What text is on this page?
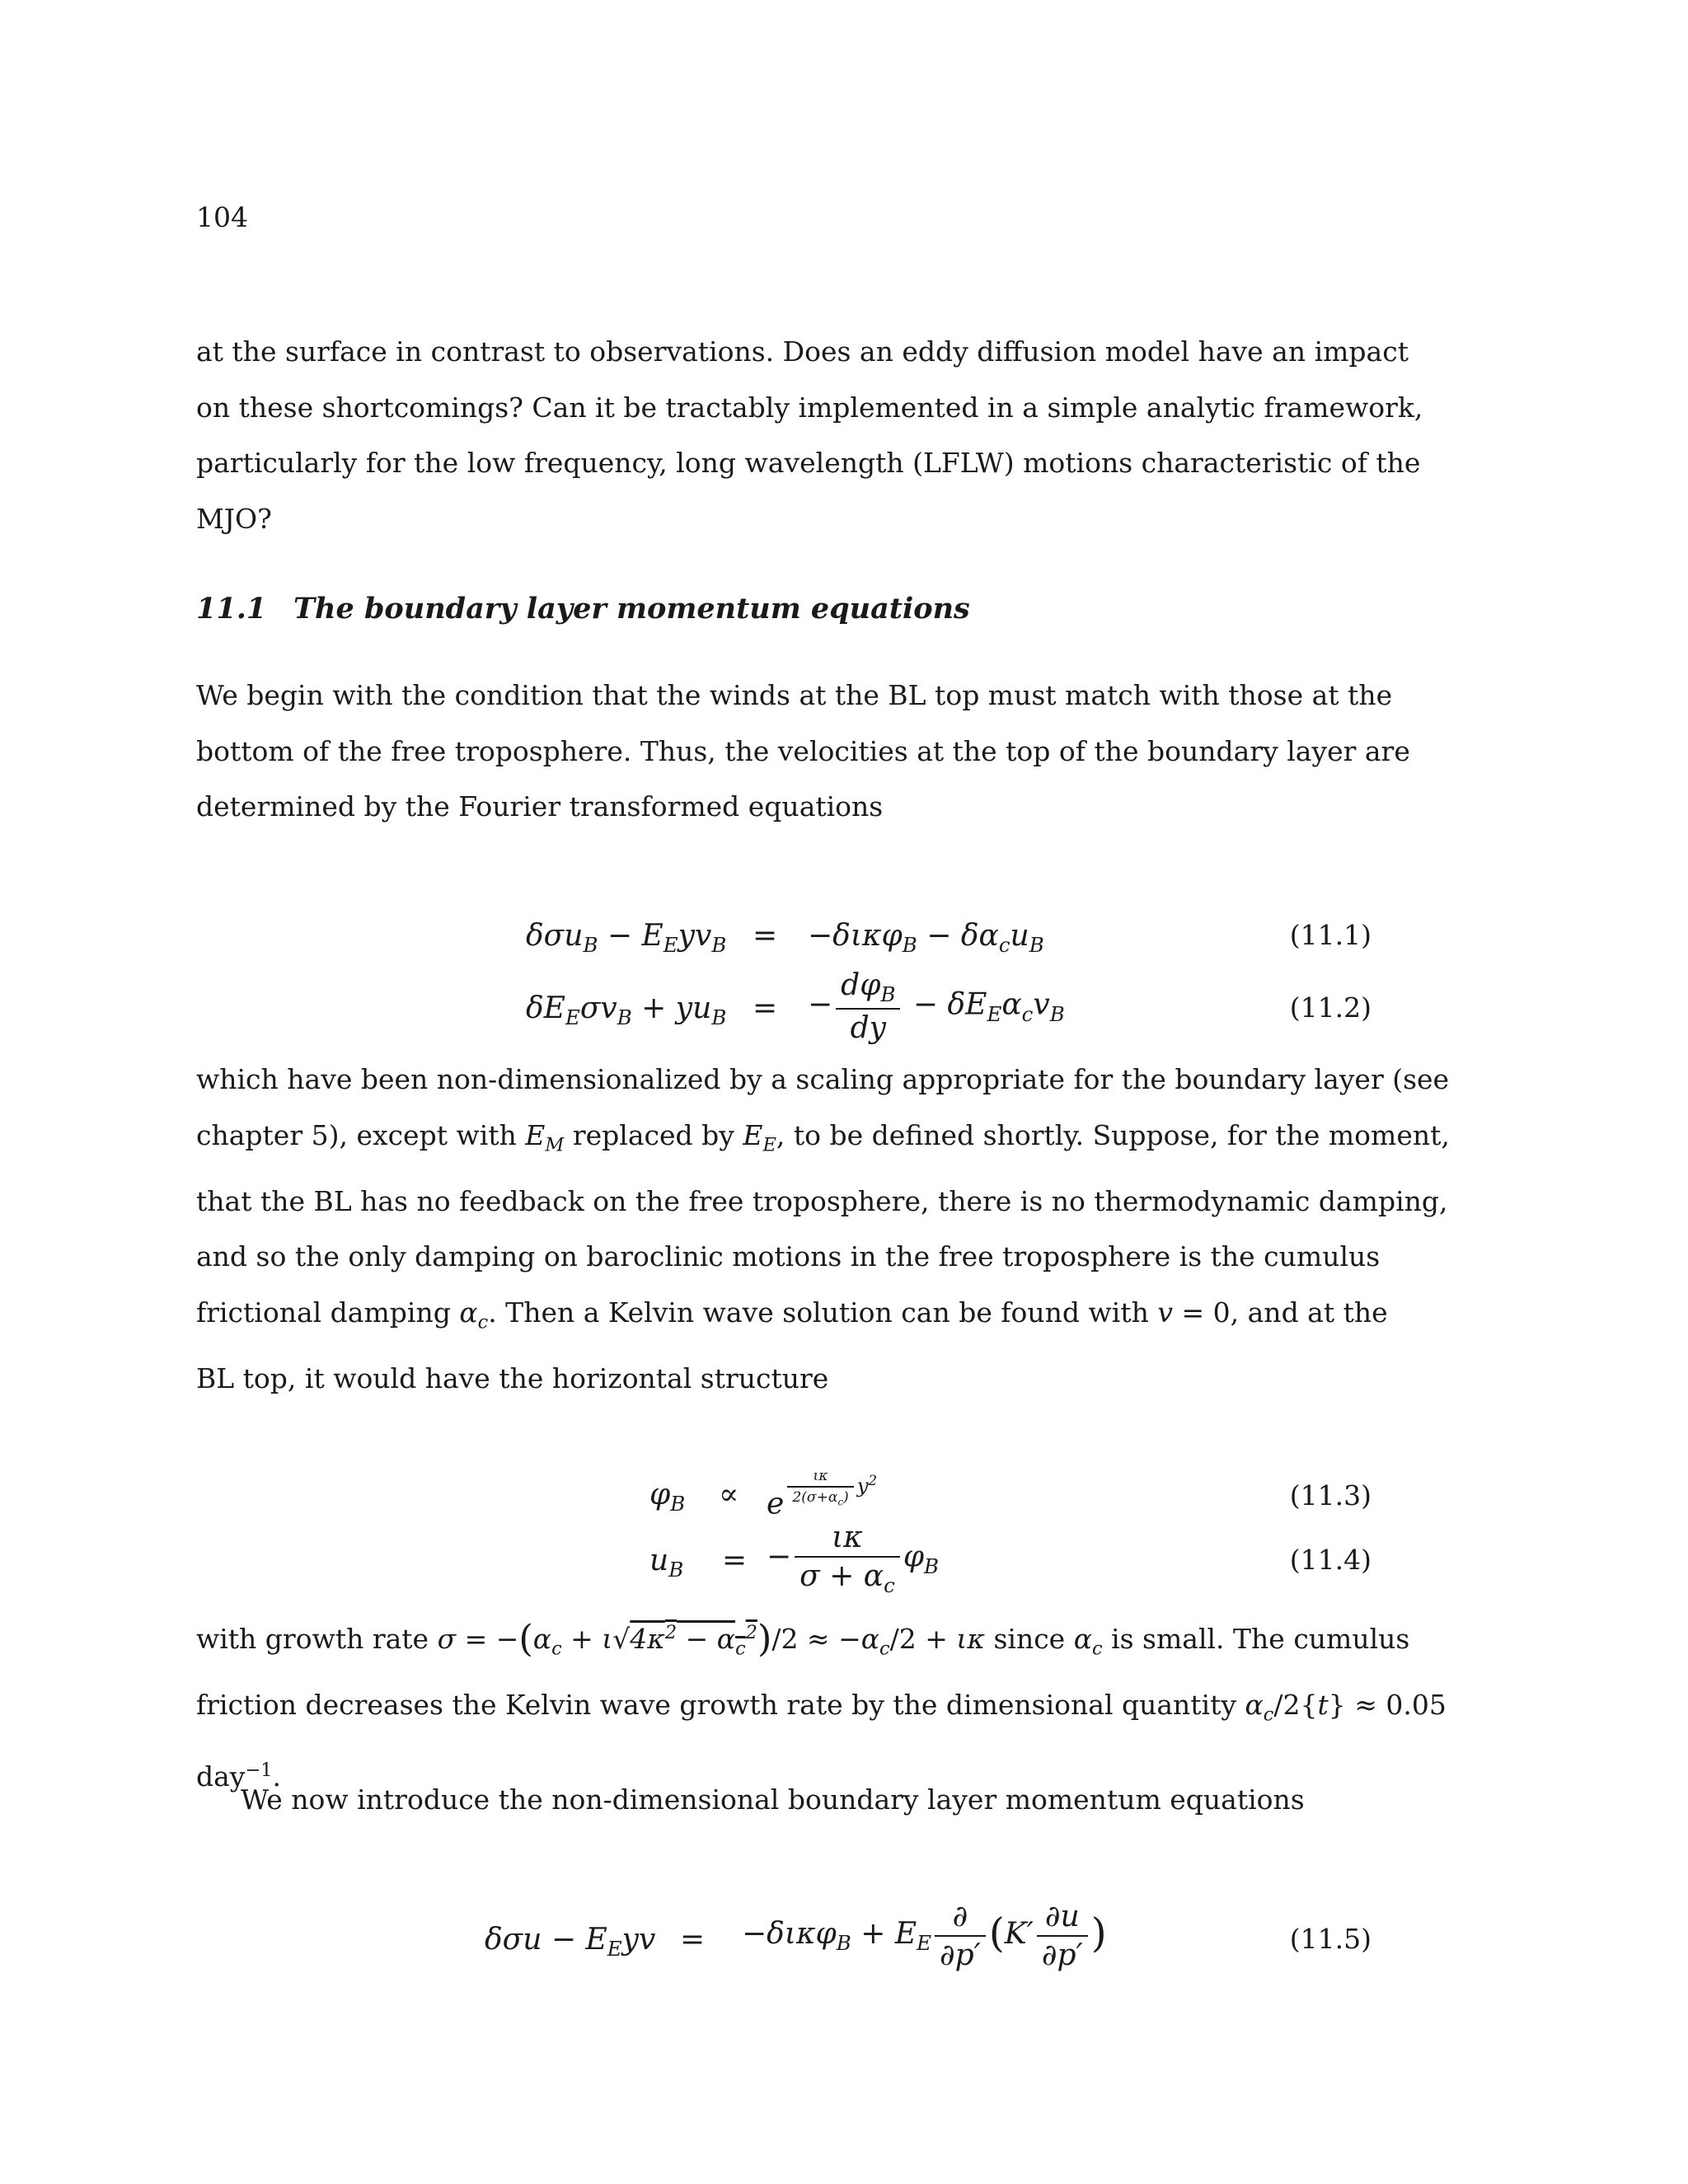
104
at the surface in contrast to observations. Does an eddy diffusion model have an impact
on these shortcomings? Can it be tractably implemented in a simple analytic framework,
particularly for the low frequency, long wavelength (LFLW) motions characteristic of the
MJO?
11.1 The boundary layer momentum equations
We begin with the condition that the winds at the BL top must match with those at the
bottom of the free troposphere. Thus, the velocities at the top of the boundary layer are
determined by the Fourier transformed equations
$\delta\sigma u_B - E_Eyv_B = -\delta\iota\kappa\varphi_B - \delta\alpha_cu_B$	(11.1)
$\delta E_E\sigma v_B + yu_B$ = − $\frac{d\varphi_B}{dy} - \delta E_E\alpha_cv_B$	(11.2)
which have been non-dimensionalized by a scaling appropriate for the boundary layer (see
chapter 5), except with $E_M$ replaced by $E_E$, to be defined shortly. Suppose, for the moment,
that the BL has no feedback on the free troposphere, there is no thermodynamic damping,
and so the only damping on baroclinic motions in the free troposphere is the cumulus
frictional damping $\alpha_c$. Then a Kelvin wave solution can be found with v = 0, and at the
BL top, it would have the horizontal structure
$\varphi_B \propto e$ $^{\frac{\iota\kappa}{2(\sigma+\alpha_c)} y^2}$	(11.3)
$u_B$ = − $\frac{\iota\kappa}{\sigma + \alpha_c} \varphi_B$	(11.4)
with growth rate $\sigma = -(\alpha_c + \iota√4\kappa^2 - \alpha_c^2)/2 \approx -\alpha_c/2 + \iota\kappa$ since $\alpha_c$ is small. The cumulus
friction decreases the Kelvin wave growth rate by the dimensional quantity $\alpha_c/2\{t\} \approx 0.05$
day$^{-1}$.
We now introduce the non-dimensional boundary layer momentum equations
$\delta\sigma u - E_Eyv = -\delta\iota\kappa\varphi_B + E_E \frac{\partial}{\partial p'} (K' \frac{\partial u}{\partial p'}$ )	(11.5)
